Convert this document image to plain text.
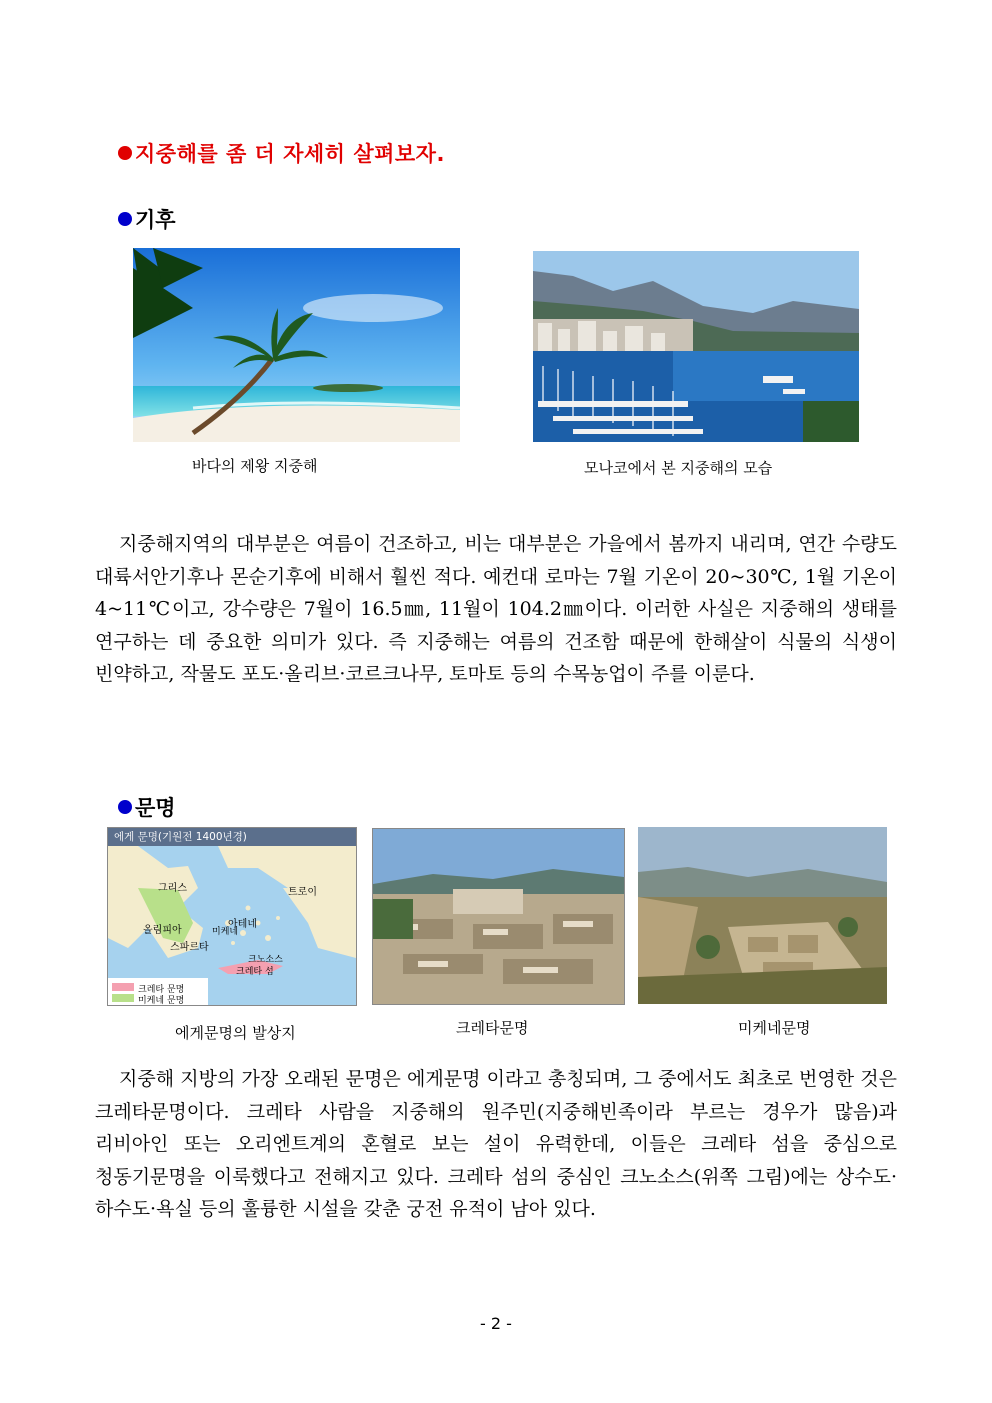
지중해를 좀 더 자세히 살펴보자.
기후
바다의 제왕 지중해	모나코에서 본 지중해의 모습
지중해지역의 대부분은 여름이 건조하고, 비는 대부분은 가을에서 봄까지 내리며, 연간 수량도 대륙서안기후나 몬순기후에 비해서 훨씬 적다. 예컨대 로마는 7월 기온이 20~30℃, 1월 기온이 4~11℃이고, 강수량은 7월이 16.5㎜, 11월이 104.2㎜이다. 이러한 사실은 지중해의 생태를 연구하는 데 중요한 의미가 있다. 즉 지중해는 여름의 건조함 때문에 한해살이 식물의 식생이 빈약하고, 작물도 포도·올리브·코르크나무, 토마토 등의 수목농업이 주를 이룬다.
문명
에게 문명(기원전 1400년경)
그리스	트로이
아테네
올림피아	미케네
스파르타
크노소스
크레타 섬
크레타 문명
미케네 문명
에게문명의 발상지	크레타문명	미케네문명
지중해 지방의 가장 오래된 문명은 에게문명 이라고 총칭되며, 그 중에서도 최초로 번영한 것은 크레타문명이다. 크레타 사람을 지중해의 원주민(지중해빈족이라 부르는 경우가 많음)과 리비아인 또는 오리엔트계의 혼혈로 보는 설이 유력한데, 이들은 크레타 섬을 중심으로 청동기문명을 이룩했다고 전해지고 있다. 크레타 섬의 중심인 크노소스(위쪽 그림)에는 상수도·하수도·욕실 등의 훌륭한 시설을 갖춘 궁전 유적이 남아 있다.
- 2 -
